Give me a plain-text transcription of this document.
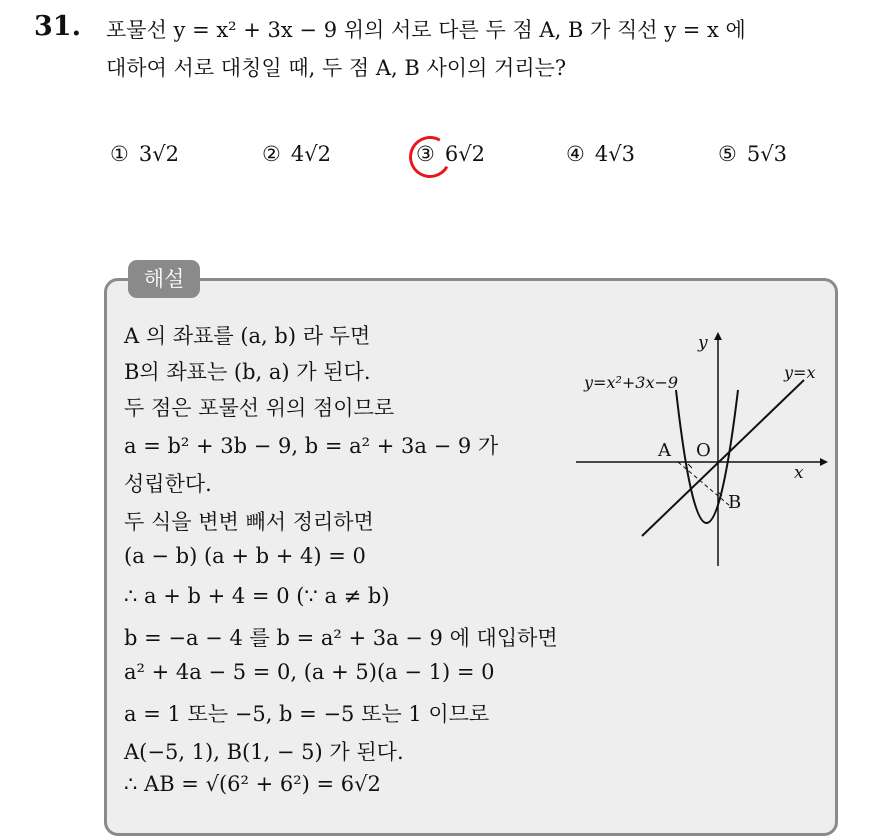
31. 포물선 y = x² + 3x − 9 위의 서로 다른 두 점 A, B 가 직선 y = x 에
대하여 서로 대칭일 때, 두 점 A, B 사이의 거리는?
① 3√2	② 4√2	③ 6√2	④ 4√3	⑤ 5√3
해설
A 의 좌표를 (a, b) 라 두면
B의 좌표는 (b, a) 가 된다.
두 점은 포물선 위의 점이므로
a = b² + 3b − 9, b = a² + 3a − 9 가
성립한다.
두 식을 변변 빼서 정리하면
(a − b) (a + b + 4) = 0
∴ a + b + 4 = 0 (∵ a ≠ b)
b = −a − 4 를 b = a² + 3a − 9 에 대입하면
a² + 4a − 5 = 0, (a + 5)(a − 1) = 0
a = 1 또는 −5, b = −5 또는 1 이므로
A(−5, 1), B(1, − 5) 가 된다.
∴ AB = √(6² + 6²) = 6√2
y
x
y=x²+3x−9
y=x
A O
B
